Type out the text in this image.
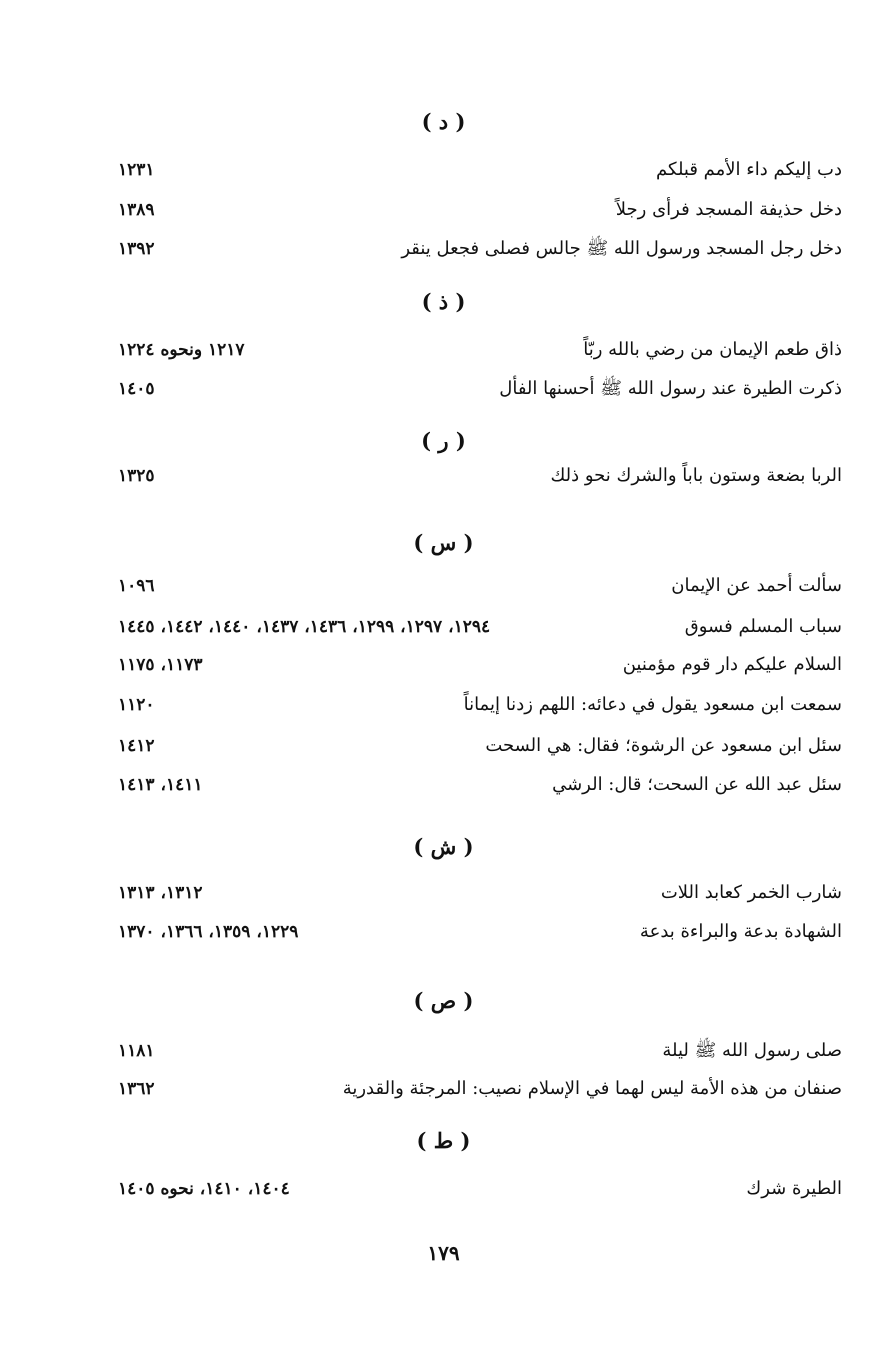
( د )
دب إليكم داء الأمم قبلكم
١٢٣١
دخل حذيفة المسجد فرأى رجلاً
١٣٨٩
دخل رجل المسجد ورسول الله ﷺ جالس فصلى فجعل ينقر
١٣٩٢
( ذ )
ذاق طعم الإيمان من رضي بالله ربّاً
١٢١٧ ونحوه ١٢٢٤
ذكرت الطيرة عند رسول الله ﷺ أحسنها الفأل
١٤٠٥
( ر )
الربا بضعة وستون باباً والشرك نحو ذلك
١٣٢٥
( س )
سألت أحمد عن الإيمان
١٠٩٦
سباب المسلم فسوق
١٢٩٤، ١٢٩٧، ١٢٩٩، ١٤٣٦، ١٤٣٧، ١٤٤٠، ١٤٤٢، ١٤٤٥
السلام عليكم دار قوم مؤمنين
١١٧٣، ١١٧٥
سمعت ابن مسعود يقول في دعائه: اللهم زدنا إيماناً
١١٢٠
سئل ابن مسعود عن الرشوة؛ فقال: هي السحت
١٤١٢
سئل عبد الله عن السحت؛ قال: الرشي
١٤١١، ١٤١٣
( ش )
شارب الخمر كعابد اللات
١٣١٢، ١٣١٣
الشهادة بدعة والبراءة بدعة
١٢٢٩، ١٣٥٩، ١٣٦٦، ١٣٧٠
( ص )
صلى رسول الله ﷺ ليلة
١١٨١
صنفان من هذه الأمة ليس لهما في الإسلام نصيب: المرجئة والقدرية
١٣٦٢
( ط )
الطيرة شرك
١٤٠٤، ١٤١٠، نحوه ١٤٠٥
١٧٩
